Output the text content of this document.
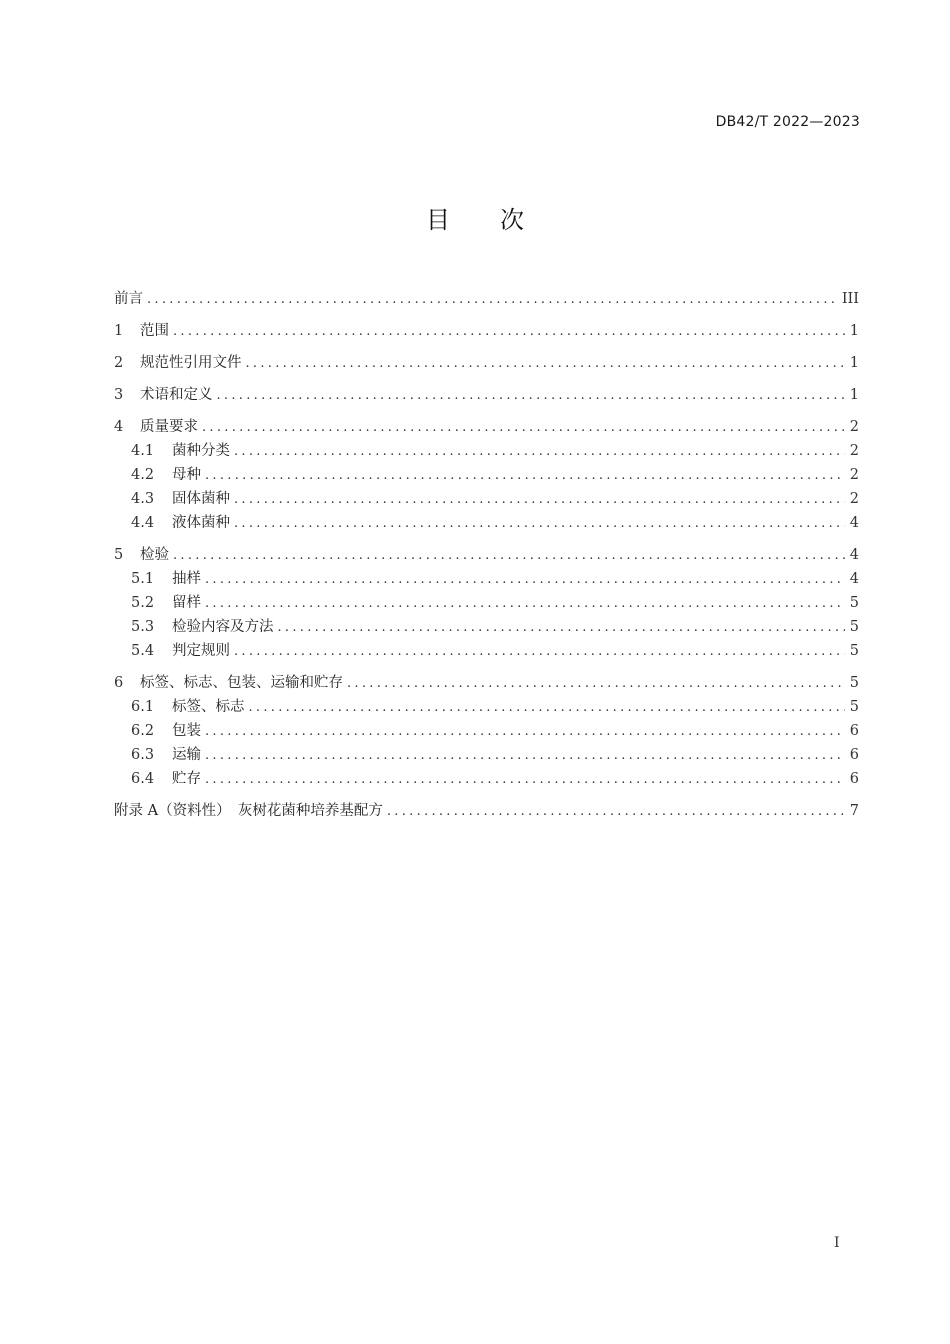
DB42/T 2022—2023
目次
前言 .....	III
1	范围 .....	1
2	规范性引用文件 .....	1
3	术语和定义 .....	1
4	质量要求 .....	2
4.1	菌种分类 .....	2
4.2	母种 .....	2
4.3	固体菌种 .....	2
4.4	液体菌种 .....	4
5	检验 .....	4
5.1	抽样 .....	4
5.2	留样 .....	5
5.3	检验内容及方法 .....	5
5.4	判定规则 .....	5
6	标签、标志、包装、运输和贮存 .....	5
6.1	标签、标志 .....	5
6.2	包装 .....	6
6.3	运输 .....	6
6.4	贮存 .....	6
附录 A（资料性）　灰树花菌种培养基配方 .....	7
I
